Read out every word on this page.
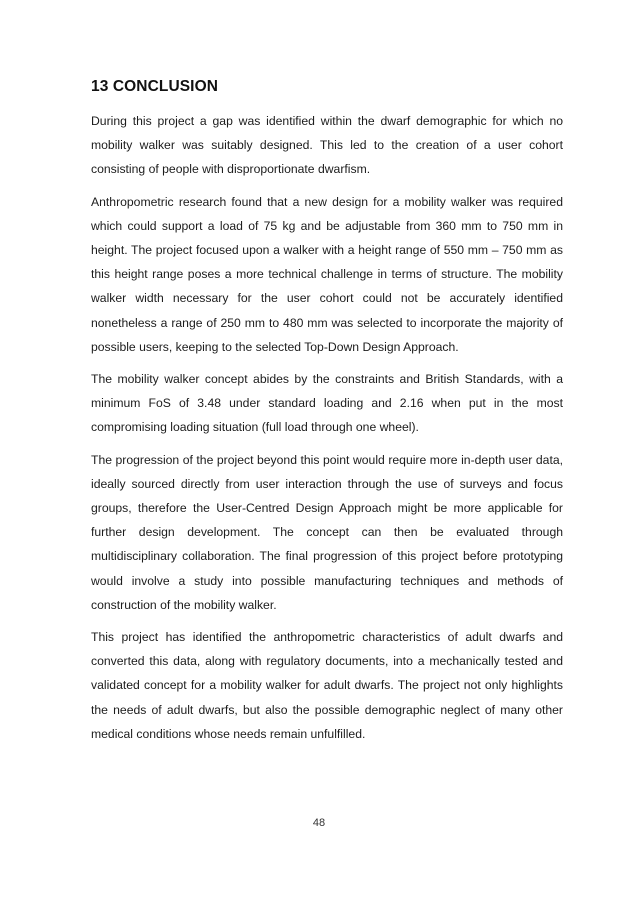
13 CONCLUSION

During this project a gap was identified within the dwarf demographic for which no mobility walker was suitably designed. This led to the creation of a user cohort consisting of people with disproportionate dwarfism.

Anthropometric research found that a new design for a mobility walker was required which could support a load of 75 kg and be adjustable from 360 mm to 750 mm in height. The project focused upon a walker with a height range of 550 mm – 750 mm as this height range poses a more technical challenge in terms of structure. The mobility walker width necessary for the user cohort could not be accurately identified nonetheless a range of 250 mm to 480 mm was selected to incorporate the majority of possible users, keeping to the selected Top-Down Design Approach.

The mobility walker concept abides by the constraints and British Standards, with a minimum FoS of 3.48 under standard loading and 2.16 when put in the most compromising loading situation (full load through one wheel).

The progression of the project beyond this point would require more in-depth user data, ideally sourced directly from user interaction through the use of surveys and focus groups, therefore the User-Centred Design Approach might be more applicable for further design development. The concept can then be evaluated through multidisciplinary collaboration. The final progression of this project before prototyping would involve a study into possible manufacturing techniques and methods of construction of the mobility walker.

This project has identified the anthropometric characteristics of adult dwarfs and converted this data, along with regulatory documents, into a mechanically tested and validated concept for a mobility walker for adult dwarfs. The project not only highlights the needs of adult dwarfs, but also the possible demographic neglect of many other medical conditions whose needs remain unfulfilled.

48
